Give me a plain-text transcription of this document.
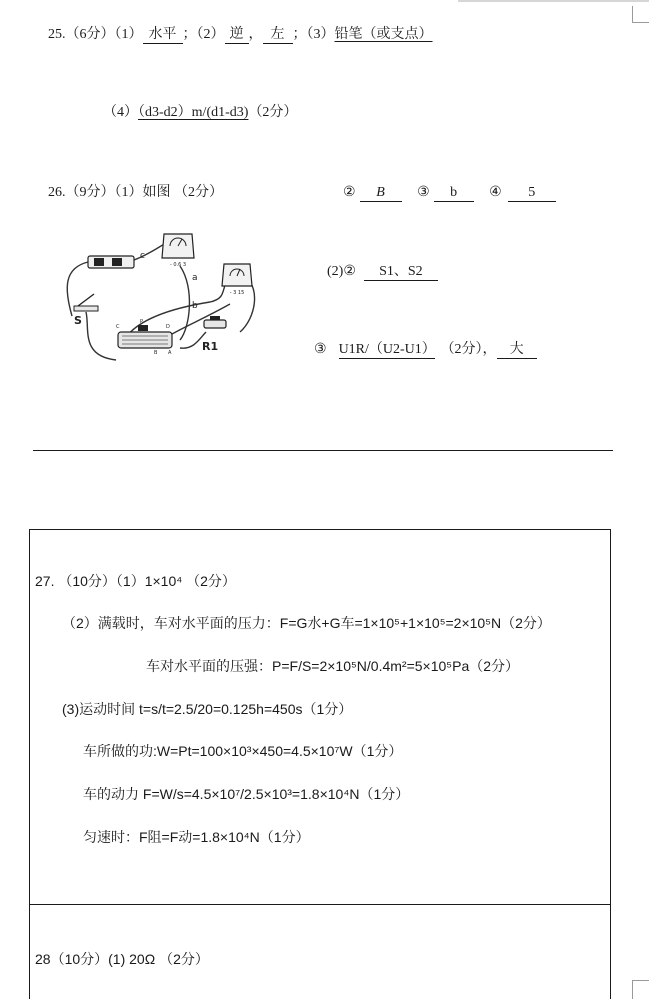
25.（6分）（1） 水平 ；（2） 逆 ， 左 ；（3）铅笔（或支点）
（4）（d3-d2）m/(d1-d3)（2分）
26.（9分）（1）如图 （2分）	② B ③ b ④ 5
- 0.6 3
- 3 15
c
a
b
S
R1
C
P
D
A
B
(2)② S1、S2
③ U1R/（U2-U1） （2分）， 大
27. （10分）（1）1×10⁴ （2分）
（2）满载时，车对水平面的压力：F=G水+G车=1×10⁵+1×10⁵=2×10⁵N（2分）
车对水平面的压强：P=F/S=2×10⁵N/0.4m²=5×10⁵Pa（2分）
(3)运动时间 t=s/t=2.5/20=0.125h=450s（1分）
车所做的功:W=Pt=100×10³×450=4.5×10⁷W（1分）
车的动力 F=W/s=4.5×10⁷/2.5×10³=1.8×10⁴N（1分）
匀速时：F阻=F动=1.8×10⁴N（1分）
28（10分）(1) 20Ω （2分）
